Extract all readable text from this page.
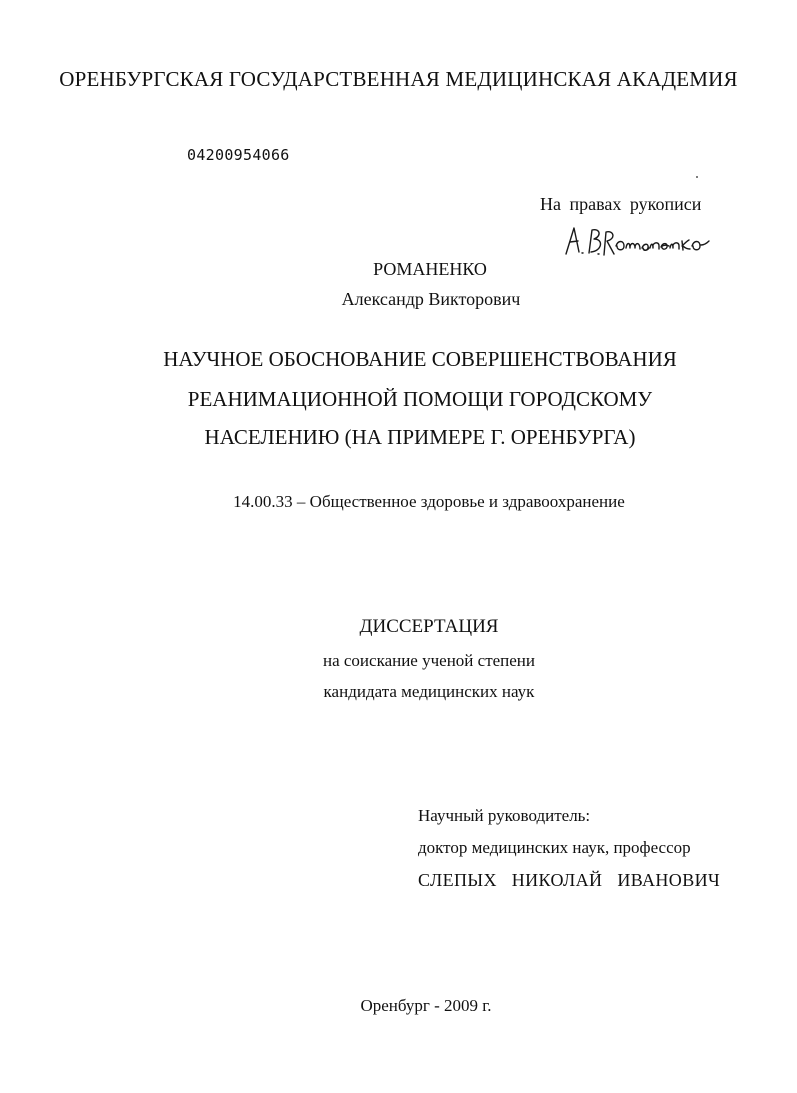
ОРЕНБУРГСКАЯ ГОСУДАРСТВЕННАЯ МЕДИЦИНСКАЯ АКАДЕМИЯ

04200954066

На правах рукописи

РОМАНЕНКО

Александр Викторович

НАУЧНОЕ ОБОСНОВАНИЕ СОВЕРШЕНСТВОВАНИЯ

РЕАНИМАЦИОННОЙ ПОМОЩИ ГОРОДСКОМУ

НАСЕЛЕНИЮ (НА ПРИМЕРЕ Г. ОРЕНБУРГА)

14.00.33 – Общественное здоровье и здравоохранение

ДИССЕРТАЦИЯ

на соискание ученой степени

кандидата медицинских наук

Научный руководитель:

доктор медицинских наук, профессор

СЛЕПЫХ НИКОЛАЙ ИВАНОВИЧ

Оренбург - 2009 г.
